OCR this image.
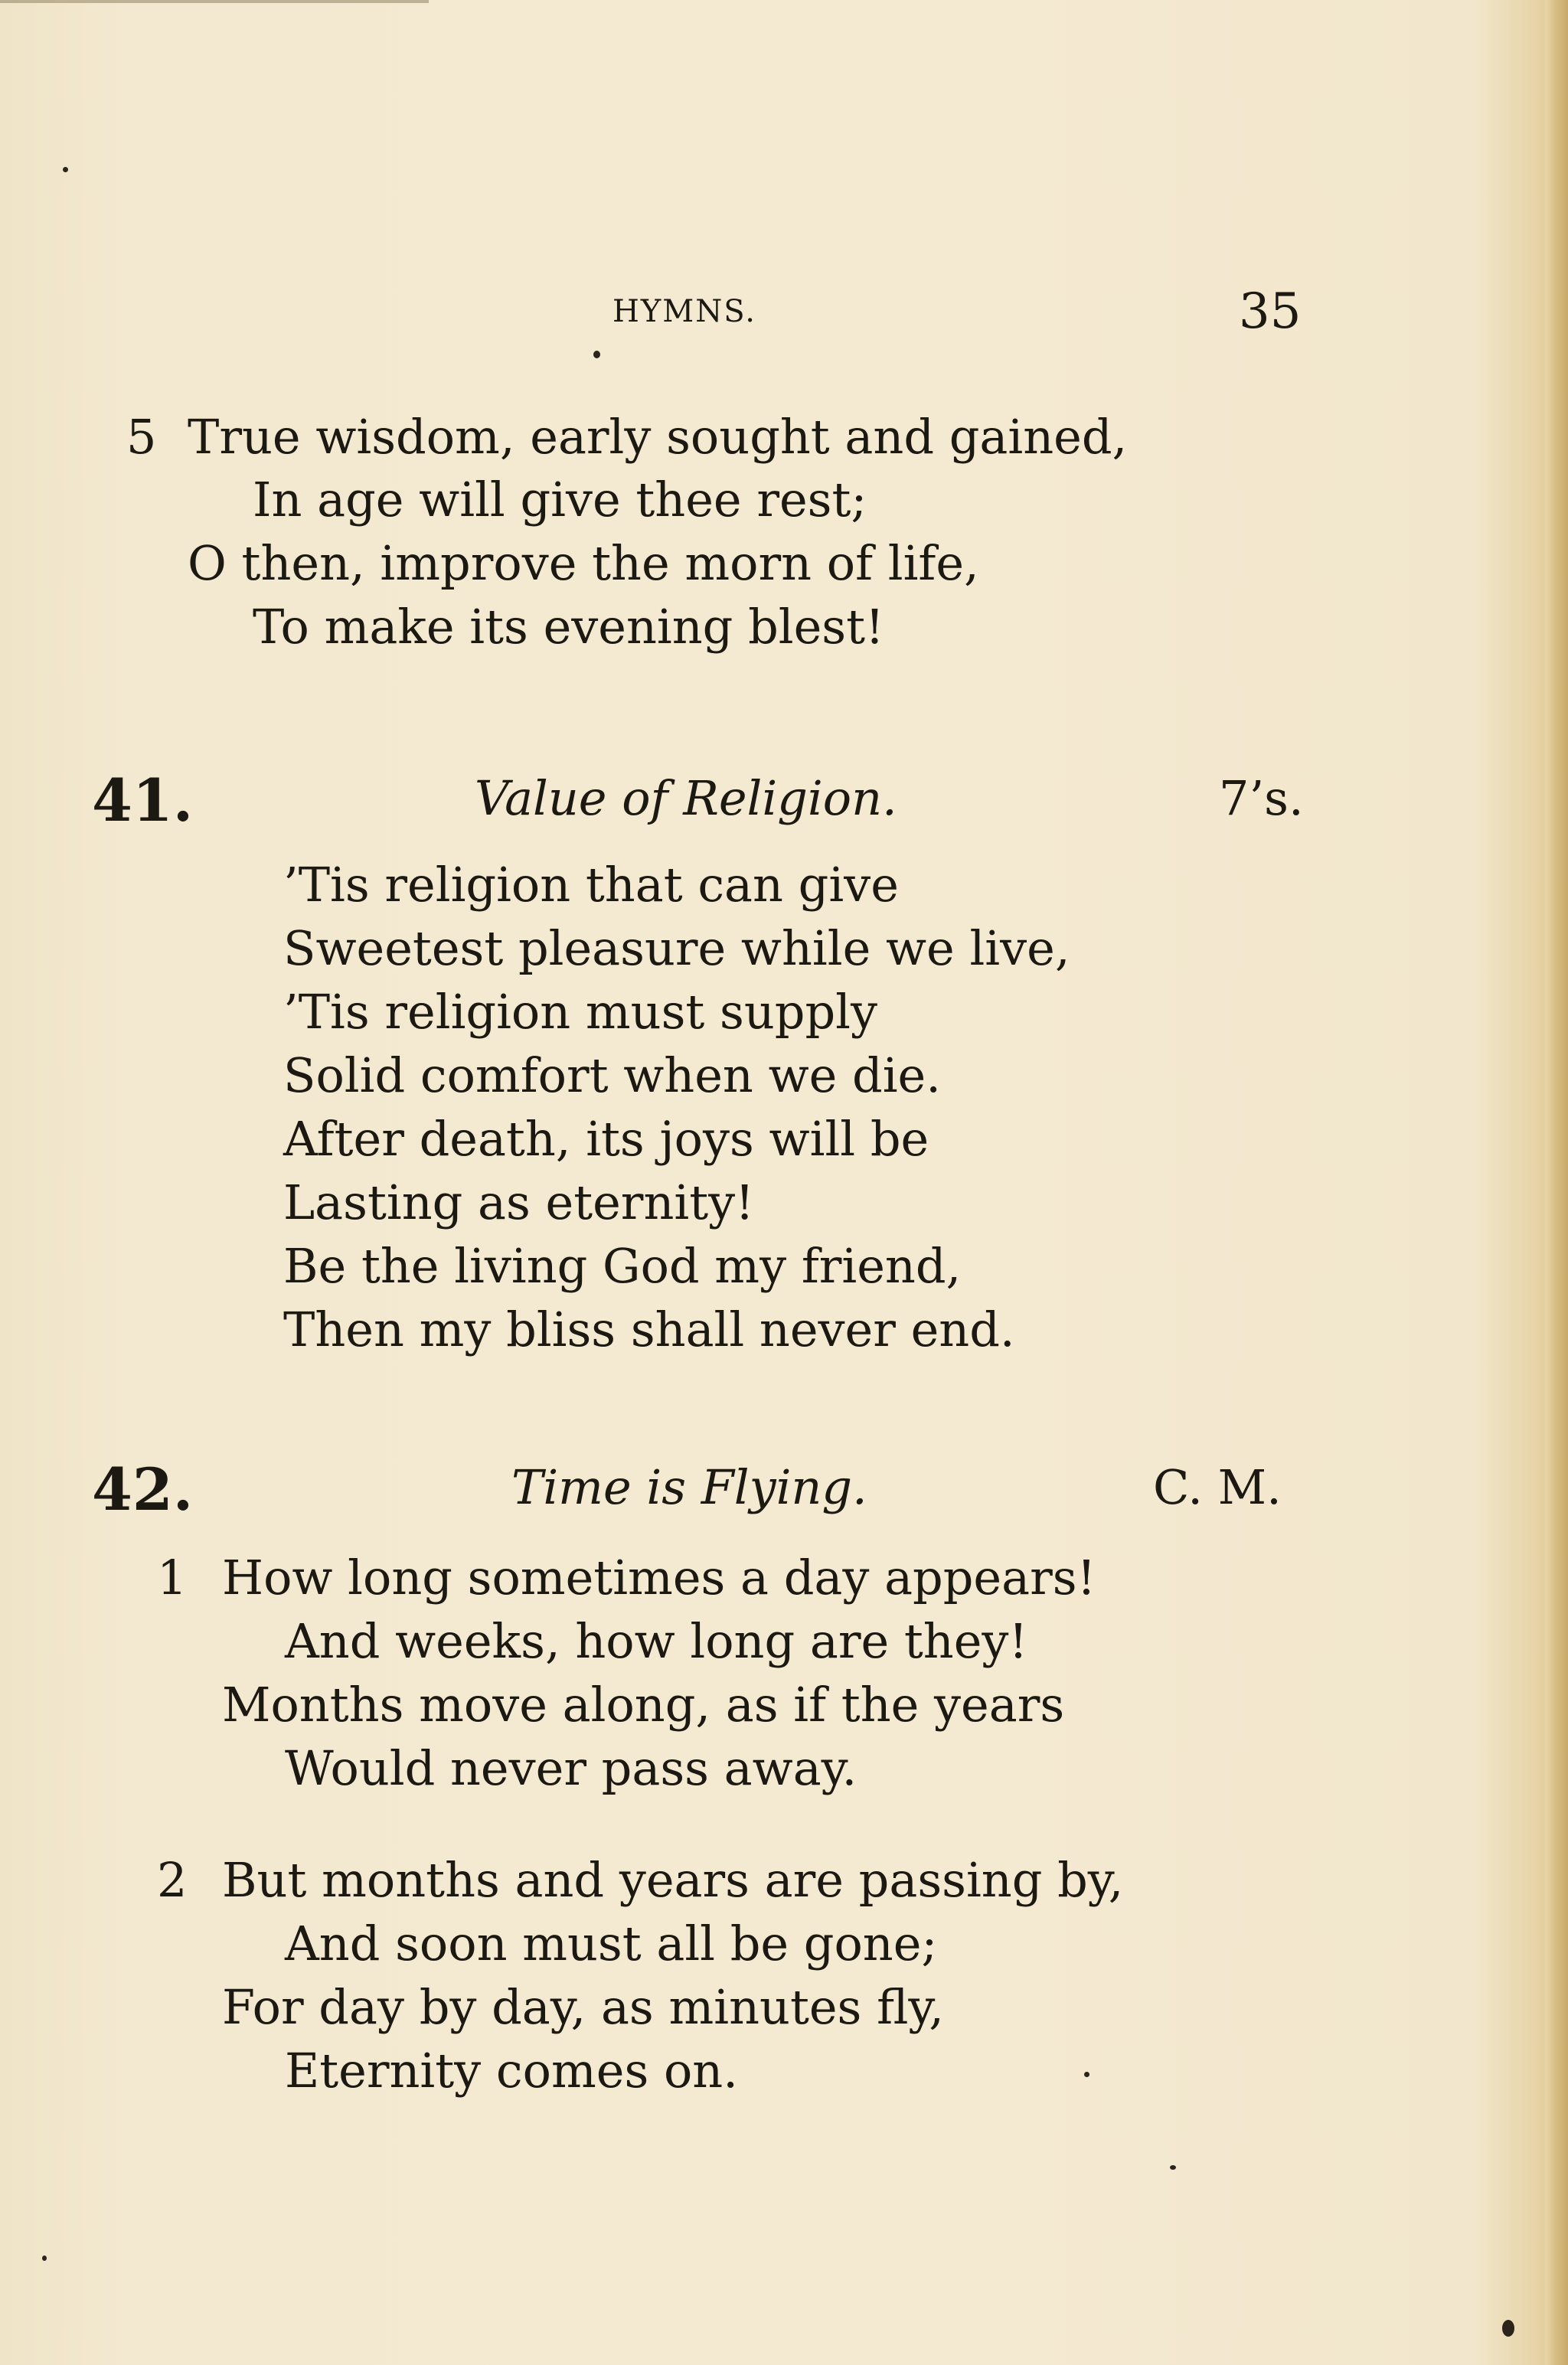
HYMNS.	35
5 True wisdom, early sought and gained,
In age will give thee rest;
O then, improve the morn of life,
To make its evening blest!
41.	Value of Religion.	7’s.
’Tis religion that can give
Sweetest pleasure while we live,
’Tis religion must supply
Solid comfort when we die.
After death, its joys will be
Lasting as eternity!
Be the living God my friend,
Then my bliss shall never end.
42.	Time is Flying.	C. M.
1 How long sometimes a day appears!
And weeks, how long are they!
Months move along, as if the years
Would never pass away.
2 But months and years are passing by,
And soon must all be gone;
For day by day, as minutes fly,
Eternity comes on.
